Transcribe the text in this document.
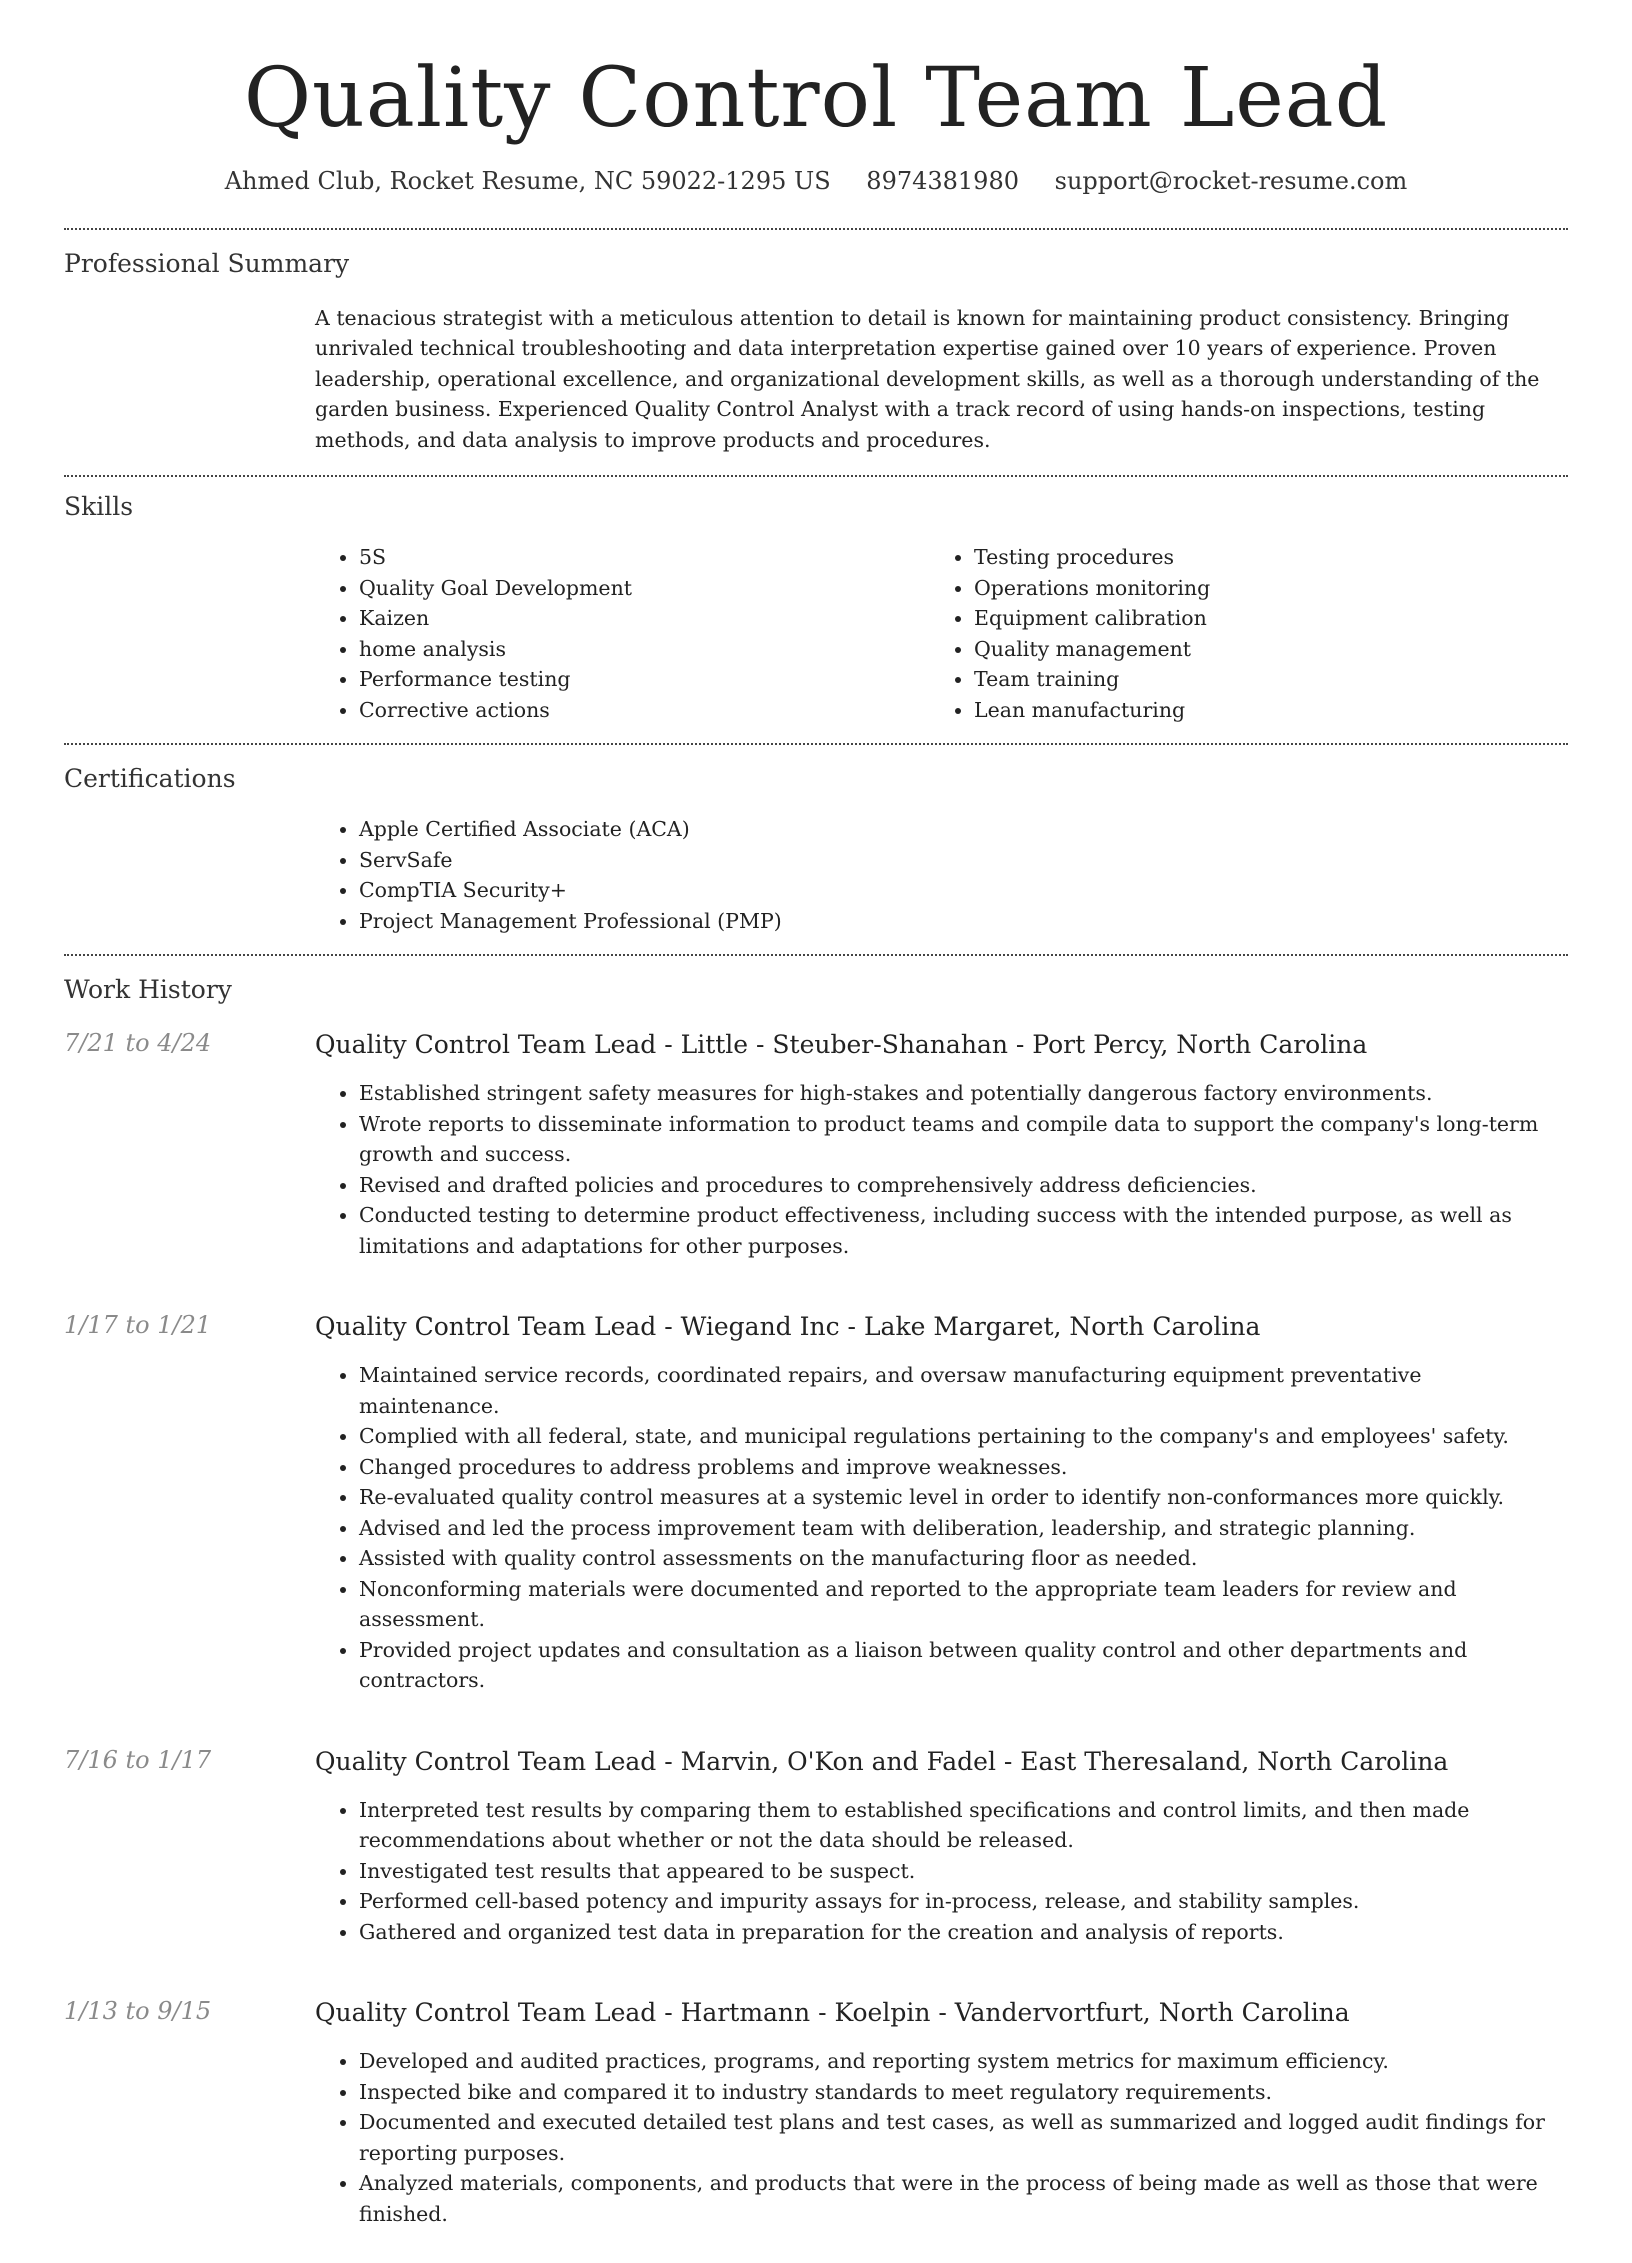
Quality Control Team Lead
Ahmed Club, Rocket Resume, NC 59022-1295 US 8974381980 support@rocket-resume.com
Professional Summary
A tenacious strategist with a meticulous attention to detail is known for maintaining product consistency. Bringing unrivaled technical troubleshooting and data interpretation expertise gained over 10 years of experience. Proven leadership, operational excellence, and organizational development skills, as well as a thorough understanding of the garden business. Experienced Quality Control Analyst with a track record of using hands-on inspections, testing methods, and data analysis to improve products and procedures.
Skills
• 5S
• Quality Goal Development
• Kaizen
• home analysis
• Performance testing
• Corrective actions
• Testing procedures
• Operations monitoring
• Equipment calibration
• Quality management
• Team training
• Lean manufacturing
Certifications
• Apple Certified Associate (ACA)
• ServSafe
• CompTIA Security+
• Project Management Professional (PMP)
Work History
7/21 to 4/24	Quality Control Team Lead - Little - Steuber-Shanahan - Port Percy, North Carolina
• Established stringent safety measures for high-stakes and potentially dangerous factory environments.
• Wrote reports to disseminate information to product teams and compile data to support the company's long-term growth and success.
• Revised and drafted policies and procedures to comprehensively address deficiencies.
• Conducted testing to determine product effectiveness, including success with the intended purpose, as well as limitations and adaptations for other purposes.
1/17 to 1/21	Quality Control Team Lead - Wiegand Inc - Lake Margaret, North Carolina
• Maintained service records, coordinated repairs, and oversaw manufacturing equipment preventative maintenance.
• Complied with all federal, state, and municipal regulations pertaining to the company's and employees' safety.
• Changed procedures to address problems and improve weaknesses.
• Re-evaluated quality control measures at a systemic level in order to identify non-conformances more quickly.
• Advised and led the process improvement team with deliberation, leadership, and strategic planning.
• Assisted with quality control assessments on the manufacturing floor as needed.
• Nonconforming materials were documented and reported to the appropriate team leaders for review and assessment.
• Provided project updates and consultation as a liaison between quality control and other departments and contractors.
7/16 to 1/17	Quality Control Team Lead - Marvin, O'Kon and Fadel - East Theresaland, North Carolina
• Interpreted test results by comparing them to established specifications and control limits, and then made recommendations about whether or not the data should be released.
• Investigated test results that appeared to be suspect.
• Performed cell-based potency and impurity assays for in-process, release, and stability samples.
• Gathered and organized test data in preparation for the creation and analysis of reports.
1/13 to 9/15	Quality Control Team Lead - Hartmann - Koelpin - Vandervortfurt, North Carolina
• Developed and audited practices, programs, and reporting system metrics for maximum efficiency.
• Inspected bike and compared it to industry standards to meet regulatory requirements.
• Documented and executed detailed test plans and test cases, as well as summarized and logged audit findings for reporting purposes.
• Analyzed materials, components, and products that were in the process of being made as well as those that were finished.
